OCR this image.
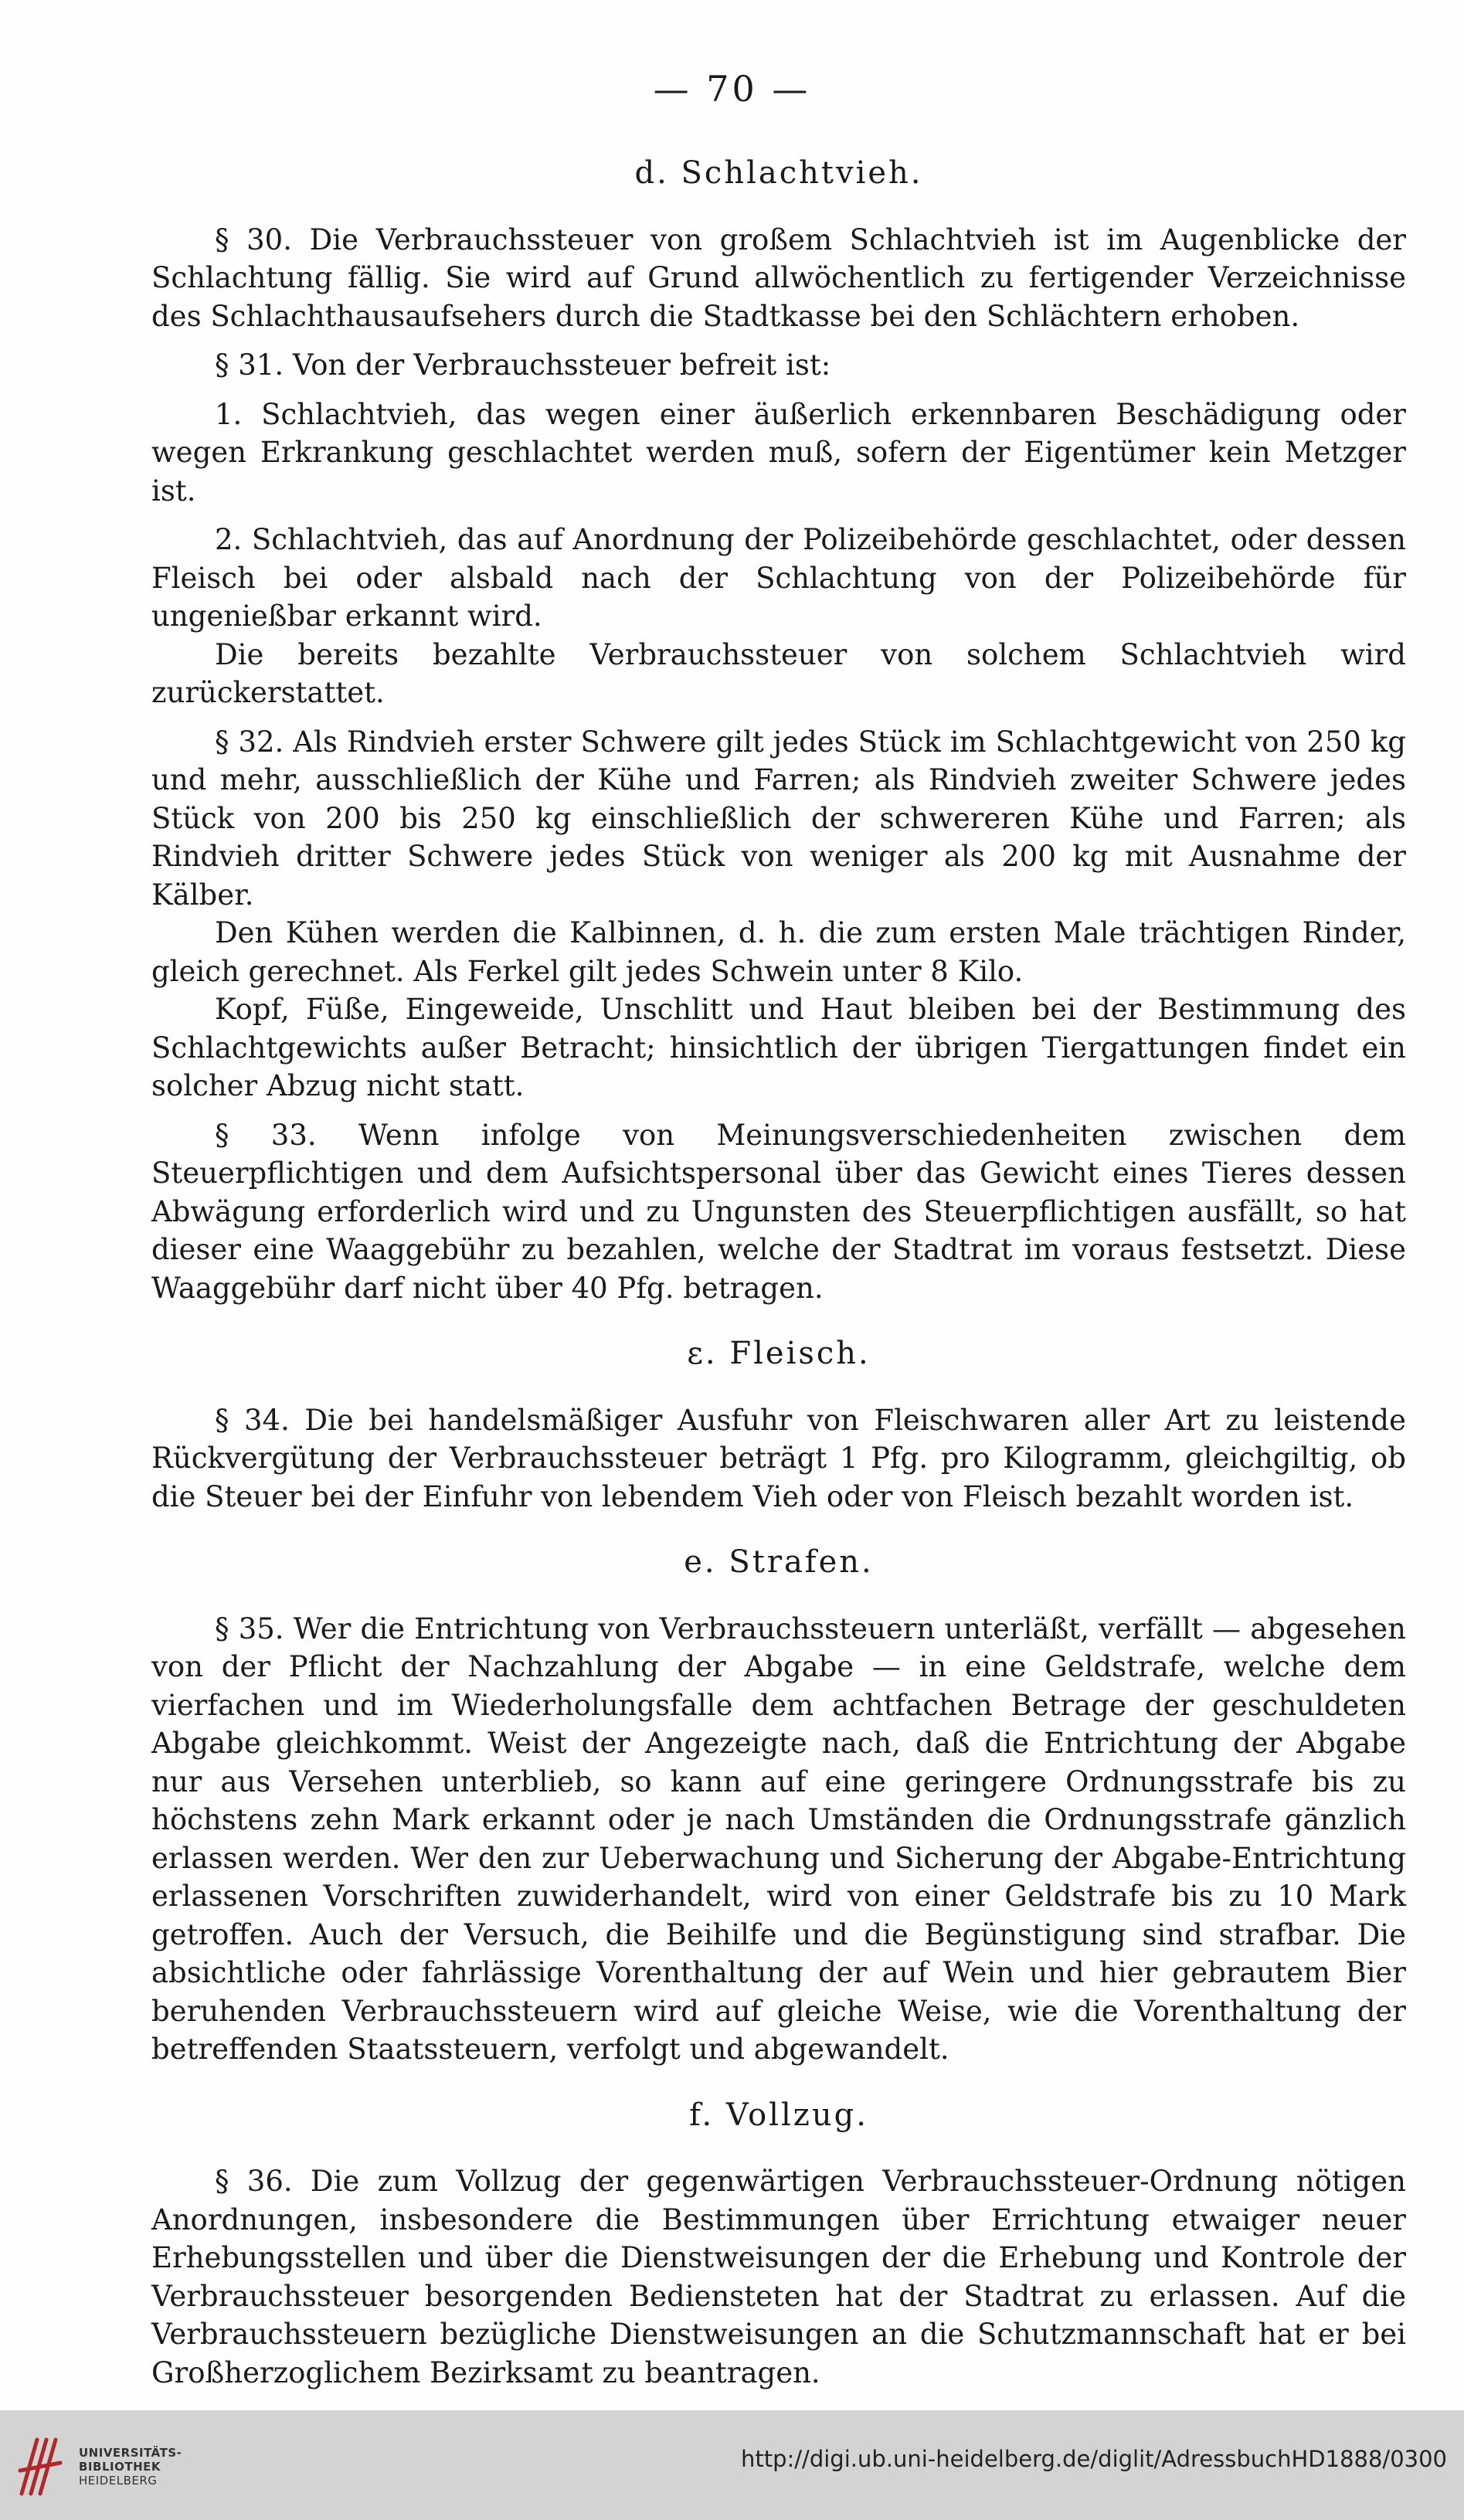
— 70 —

d. Schlachtvieh.

§ 30. Die Verbrauchssteuer von großem Schlachtvieh ist im Augenblicke der Schlachtung fällig. Sie wird auf Grund allwöchentlich zu fertigender Verzeichnisse des Schlachthausaufsehers durch die Stadtkasse bei den Schlächtern erhoben.

§ 31. Von der Verbrauchssteuer befreit ist:

1. Schlachtvieh, das wegen einer äußerlich erkennbaren Beschädigung oder wegen Erkrankung geschlachtet werden muß, sofern der Eigentümer kein Metzger ist.

2. Schlachtvieh, das auf Anordnung der Polizeibehörde geschlachtet, oder dessen Fleisch bei oder alsbald nach der Schlachtung von der Polizeibehörde für ungenießbar erkannt wird.

Die bereits bezahlte Verbrauchssteuer von solchem Schlachtvieh wird zurückerstattet.

§ 32. Als Rindvieh erster Schwere gilt jedes Stück im Schlachtgewicht von 250 kg und mehr, ausschließlich der Kühe und Farren; als Rindvieh zweiter Schwere jedes Stück von 200 bis 250 kg einschließlich der schwereren Kühe und Farren; als Rindvieh dritter Schwere jedes Stück von weniger als 200 kg mit Ausnahme der Kälber.

Den Kühen werden die Kalbinnen, d. h. die zum ersten Male trächtigen Rinder, gleich gerechnet. Als Ferkel gilt jedes Schwein unter 8 Kilo.

Kopf, Füße, Eingeweide, Unschlitt und Haut bleiben bei der Bestimmung des Schlachtgewichts außer Betracht; hinsichtlich der übrigen Tiergattungen findet ein solcher Abzug nicht statt.

§ 33. Wenn infolge von Meinungsverschiedenheiten zwischen dem Steuerpflichtigen und dem Aufsichtspersonal über das Gewicht eines Tieres dessen Abwägung erforderlich wird und zu Ungunsten des Steuerpflichtigen ausfällt, so hat dieser eine Waaggebühr zu bezahlen, welche der Stadtrat im voraus festsetzt. Diese Waaggebühr darf nicht über 40 Pfg. betragen.

ε. Fleisch.

§ 34. Die bei handelsmäßiger Ausfuhr von Fleischwaren aller Art zu leistende Rückvergütung der Verbrauchssteuer beträgt 1 Pfg. pro Kilogramm, gleichgiltig, ob die Steuer bei der Einfuhr von lebendem Vieh oder von Fleisch bezahlt worden ist.

e. Strafen.

§ 35. Wer die Entrichtung von Verbrauchssteuern unterläßt, verfällt — abgesehen von der Pflicht der Nachzahlung der Abgabe — in eine Geldstrafe, welche dem vierfachen und im Wiederholungsfalle dem achtfachen Betrage der geschuldeten Abgabe gleichkommt. Weist der Angezeigte nach, daß die Entrichtung der Abgabe nur aus Versehen unterblieb, so kann auf eine geringere Ordnungsstrafe bis zu höchstens zehn Mark erkannt oder je nach Umständen die Ordnungsstrafe gänzlich erlassen werden. Wer den zur Ueberwachung und Sicherung der Abgabe-Entrichtung erlassenen Vorschriften zuwiderhandelt, wird von einer Geldstrafe bis zu 10 Mark getroffen. Auch der Versuch, die Beihilfe und die Begünstigung sind strafbar. Die absichtliche oder fahrlässige Vorenthaltung der auf Wein und hier gebrautem Bier beruhenden Verbrauchssteuern wird auf gleiche Weise, wie die Vorenthaltung der betreffenden Staatssteuern, verfolgt und abgewandelt.

f. Vollzug.

§ 36. Die zum Vollzug der gegenwärtigen Verbrauchssteuer-Ordnung nötigen Anordnungen, insbesondere die Bestimmungen über Errichtung etwaiger neuer Erhebungsstellen und über die Dienstweisungen der die Erhebung und Kontrole der Verbrauchssteuer besorgenden Bediensteten hat der Stadtrat zu erlassen. Auf die Verbrauchssteuern bezügliche Dienstweisungen an die Schutzmannschaft hat er bei Großherzoglichem Bezirksamt zu beantragen.

UNIVERSITÄTS-
BIBLIOTHEK
HEIDELBERG
http://digi.ub.uni-heidelberg.de/diglit/AdressbuchHD1888/0300
